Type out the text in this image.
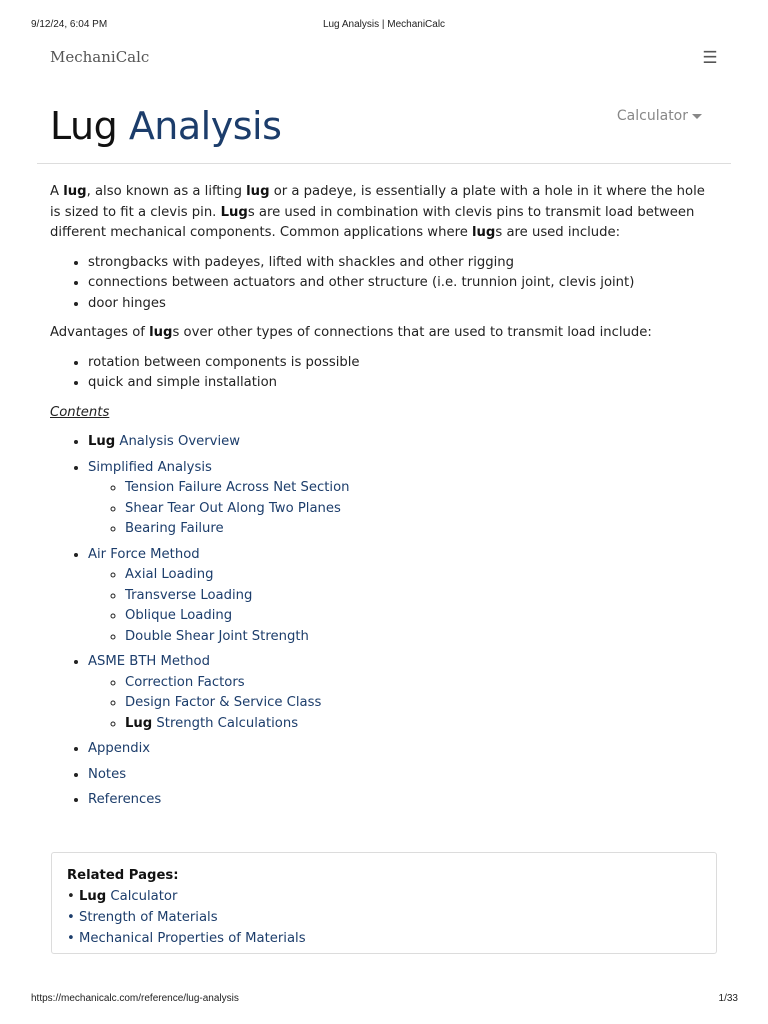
9/12/24, 6:04 PM	Lug Analysis | MechaniCalc
MechaniCalc	☰
Lug Analysis	Calculator

A lug, also known as a lifting lug or a padeye, is essentially a plate with a hole in it where the hole is sized to fit a clevis pin. Lugs are used in combination with clevis pins to transmit load between different mechanical components. Common applications where lugs are used include:

• strongbacks with padeyes, lifted with shackles and other rigging
• connections between actuators and other structure (i.e. trunnion joint, clevis joint)
• door hinges

Advantages of lugs over other types of connections that are used to transmit load include:

• rotation between components is possible
• quick and simple installation

Contents

• Lug Analysis Overview
• Simplified Analysis
◦ Tension Failure Across Net Section
◦ Shear Tear Out Along Two Planes
◦ Bearing Failure
• Air Force Method
◦ Axial Loading
◦ Transverse Loading
◦ Oblique Loading
◦ Double Shear Joint Strength
• ASME BTH Method
◦ Correction Factors
◦ Design Factor & Service Class
◦ Lug Strength Calculations
• Appendix
• Notes
• References
Related Pages:
• Lug Calculator
• Strength of Materials
• Mechanical Properties of Materials
https://mechanicalc.com/reference/lug-analysis	1/33
